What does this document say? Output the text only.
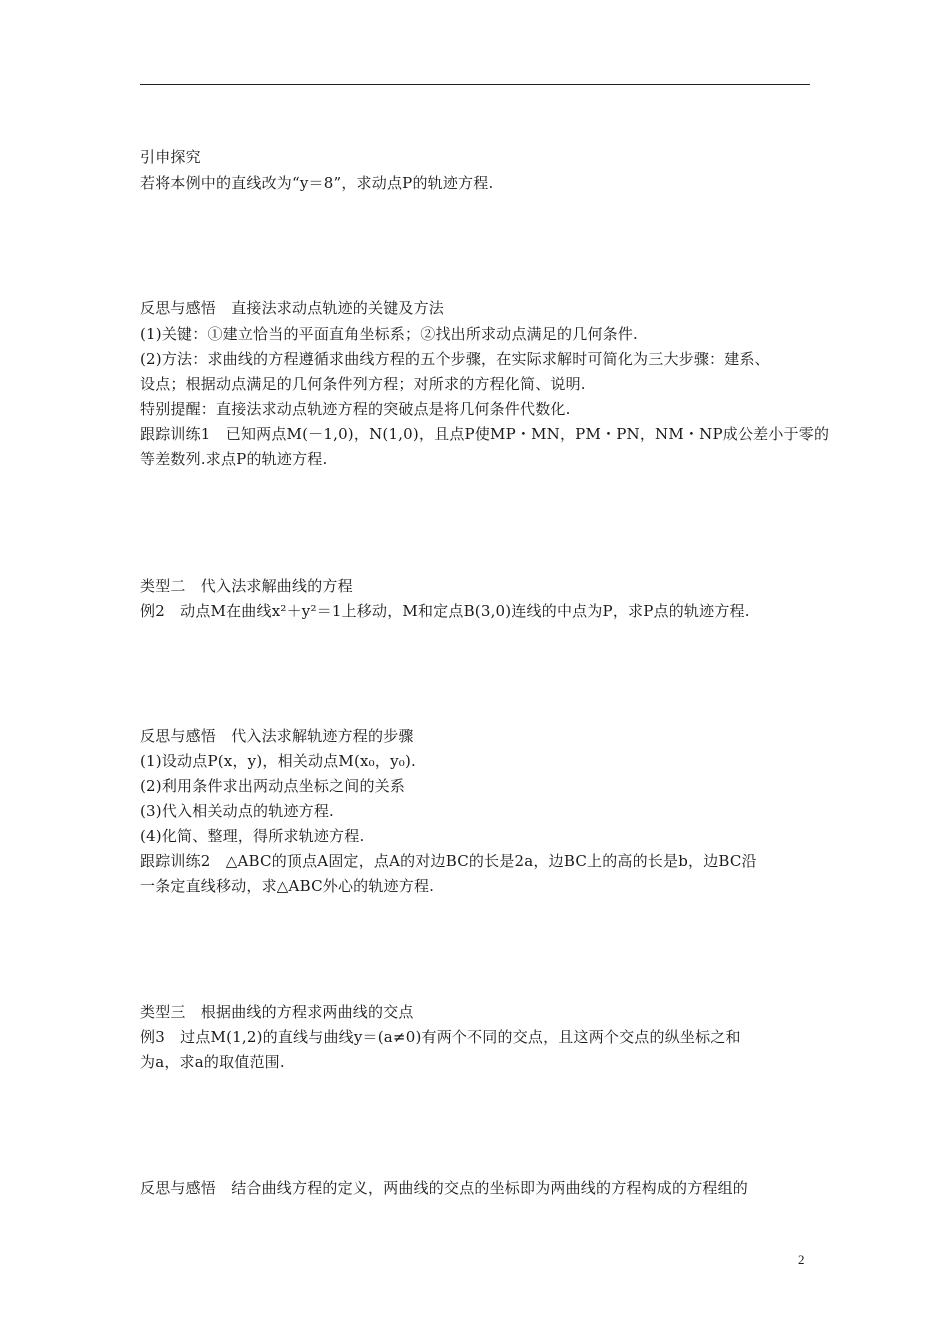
引申探究
若将本例中的直线改为“y＝8”，求动点P的轨迹方程.
反思与感悟　直接法求动点轨迹的关键及方法
(1)关键：①建立恰当的平面直角坐标系；②找出所求动点满足的几何条件.
(2)方法：求曲线的方程遵循求曲线方程的五个步骤，在实际求解时可简化为三大步骤：建系、
设点；根据动点满足的几何条件列方程；对所求的方程化简、说明.
特别提醒：直接法求动点轨迹方程的突破点是将几何条件代数化.
跟踪训练1　已知两点M(－1,0)，N(1,0)，且点P使MP・MN，PM・PN，NM・NP成公差小于零的
等差数列.求点P的轨迹方程.
类型二　代入法求解曲线的方程
例2　动点M在曲线x²＋y²＝1上移动，M和定点B(3,0)连线的中点为P，求P点的轨迹方程.
反思与感悟　代入法求解轨迹方程的步骤
(1)设动点P(x，y)，相关动点M(x₀，y₀).
(2)利用条件求出两动点坐标之间的关系
(3)代入相关动点的轨迹方程.
(4)化简、整理，得所求轨迹方程.
跟踪训练2　△ABC的顶点A固定，点A的对边BC的长是2a，边BC上的高的长是b，边BC沿
一条定直线移动，求△ABC外心的轨迹方程.
类型三　根据曲线的方程求两曲线的交点
例3　过点M(1,2)的直线与曲线y＝(a≠0)有两个不同的交点，且这两个交点的纵坐标之和
为a，求a的取值范围.
反思与感悟　结合曲线方程的定义，两曲线的交点的坐标即为两曲线的方程构成的方程组的
2
